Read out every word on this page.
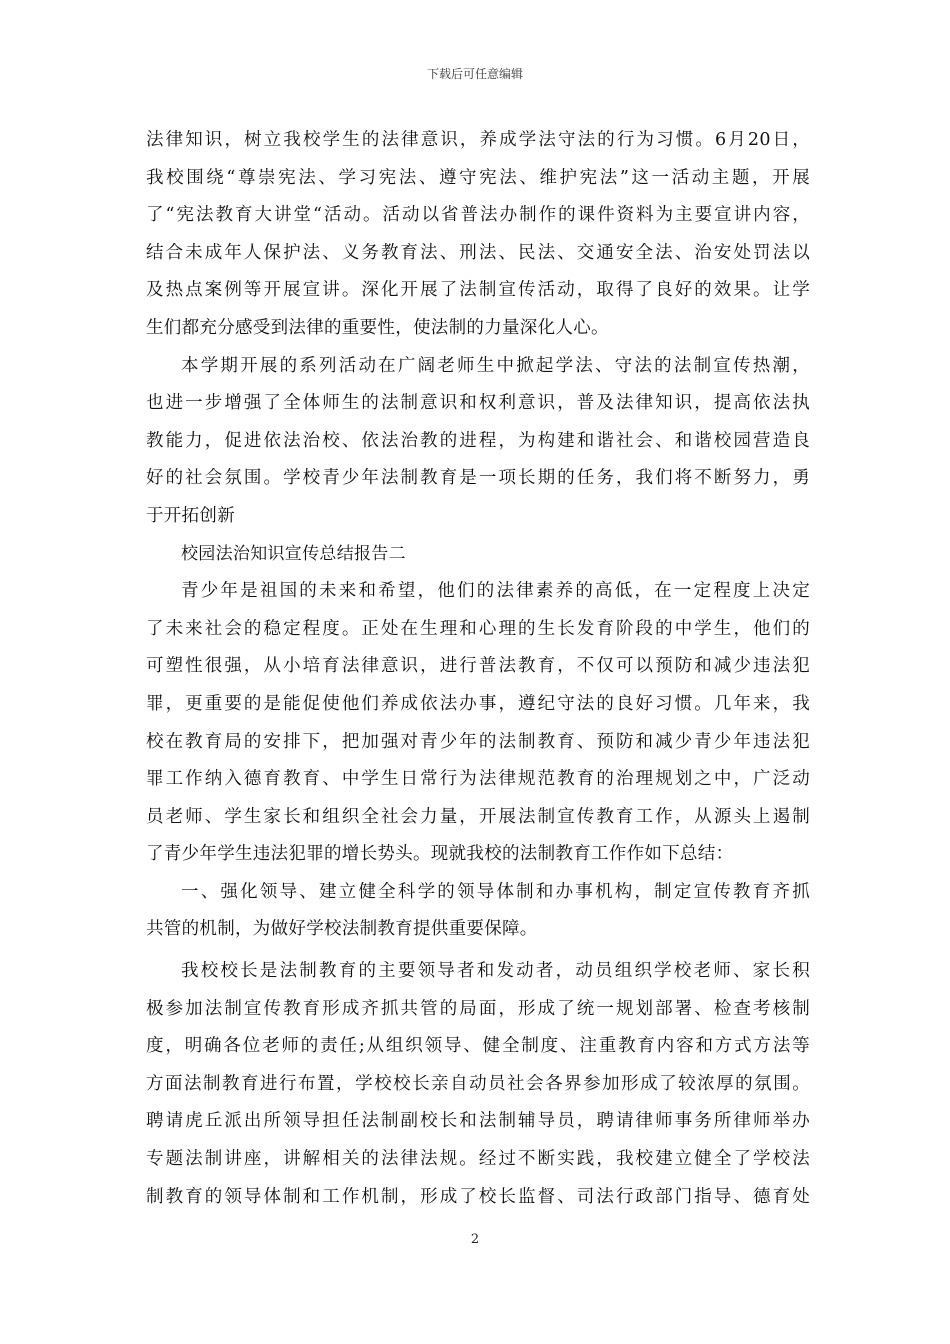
下载后可任意编辑
法律知识，树立我校学生的法律意识，养成学法守法的行为习惯。6月20日，
我校围绕“尊崇宪法、学习宪法、遵守宪法、维护宪法”这一活动主题，开展
了“宪法教育大讲堂“活动。活动以省普法办制作的课件资料为主要宣讲内容，
结合未成年人保护法、义务教育法、刑法、民法、交通安全法、治安处罚法以
及热点案例等开展宣讲。深化开展了法制宣传活动，取得了良好的效果。让学
生们都充分感受到法律的重要性，使法制的力量深化人心。
本学期开展的系列活动在广阔老师生中掀起学法、守法的法制宣传热潮，
也进一步增强了全体师生的法制意识和权利意识，普及法律知识，提高依法执
教能力，促进依法治校、依法治教的进程，为构建和谐社会、和谐校园营造良
好的社会氛围。学校青少年法制教育是一项长期的任务，我们将不断努力，勇
于开拓创新
校园法治知识宣传总结报告二
青少年是祖国的未来和希望，他们的法律素养的高低，在一定程度上决定
了未来社会的稳定程度。正处在生理和心理的生长发育阶段的中学生，他们的
可塑性很强，从小培育法律意识，进行普法教育，不仅可以预防和减少违法犯
罪，更重要的是能促使他们养成依法办事，遵纪守法的良好习惯。几年来，我
校在教育局的安排下，把加强对青少年的法制教育、预防和减少青少年违法犯
罪工作纳入德育教育、中学生日常行为法律规范教育的治理规划之中，广泛动
员老师、学生家长和组织全社会力量，开展法制宣传教育工作，从源头上遏制
了青少年学生违法犯罪的增长势头。现就我校的法制教育工作作如下总结：
一、强化领导、建立健全科学的领导体制和办事机构，制定宣传教育齐抓
共管的机制，为做好学校法制教育提供重要保障。
我校校长是法制教育的主要领导者和发动者，动员组织学校老师、家长积
极参加法制宣传教育形成齐抓共管的局面，形成了统一规划部署、检查考核制
度，明确各位老师的责任;从组织领导、健全制度、注重教育内容和方式方法等
方面法制教育进行布置，学校校长亲自动员社会各界参加形成了较浓厚的氛围。
聘请虎丘派出所领导担任法制副校长和法制辅导员，聘请律师事务所律师举办
专题法制讲座，讲解相关的法律法规。经过不断实践，我校建立健全了学校法
制教育的领导体制和工作机制，形成了校长监督、司法行政部门指导、德育处
2
